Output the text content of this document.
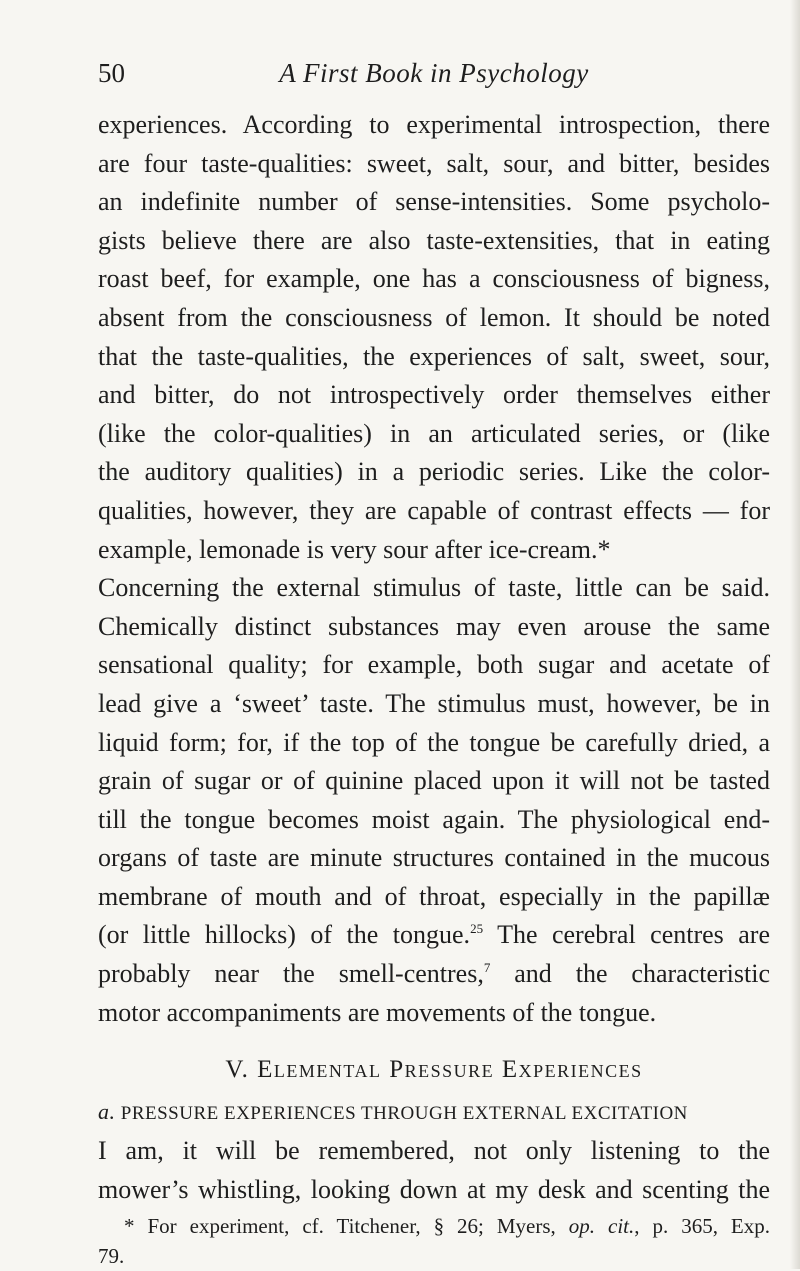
50	A First Book in Psychology
experiences. According to experimental introspection, there
are four taste-qualities: sweet, salt, sour, and bitter, besides
an indefinite number of sense-intensities. Some psycholo-
gists believe there are also taste-extensities, that in eating
roast beef, for example, one has a consciousness of bigness,
absent from the consciousness of lemon. It should be noted
that the taste-qualities, the experiences of salt, sweet, sour,
and bitter, do not introspectively order themselves either
(like the color-qualities) in an articulated series, or (like
the auditory qualities) in a periodic series. Like the color-
qualities, however, they are capable of contrast effects — for
example, lemonade is very sour after ice-cream.*
Concerning the external stimulus of taste, little can be said.
Chemically distinct substances may even arouse the same
sensational quality; for example, both sugar and acetate of
lead give a ‘sweet’ taste. The stimulus must, however, be in
liquid form; for, if the top of the tongue be carefully dried, a
grain of sugar or of quinine placed upon it will not be tasted
till the tongue becomes moist again. The physiological end-
organs of taste are minute structures contained in the mucous
membrane of mouth and of throat, especially in the papillæ
(or little hillocks) of the tongue.$^{25}$ The cerebral centres are
probably near the smell-centres,$^7$ and the characteristic
motor accompaniments are movements of the tongue.
V. Elemental Pressure Experiences
a. PRESSURE EXPERIENCES THROUGH EXTERNAL EXCITATION
I am, it will be remembered, not only listening to the
mower’s whistling, looking down at my desk and scenting the
* For experiment, cf. Titchener, § 26; Myers, op. cit., p. 365, Exp.
79.
